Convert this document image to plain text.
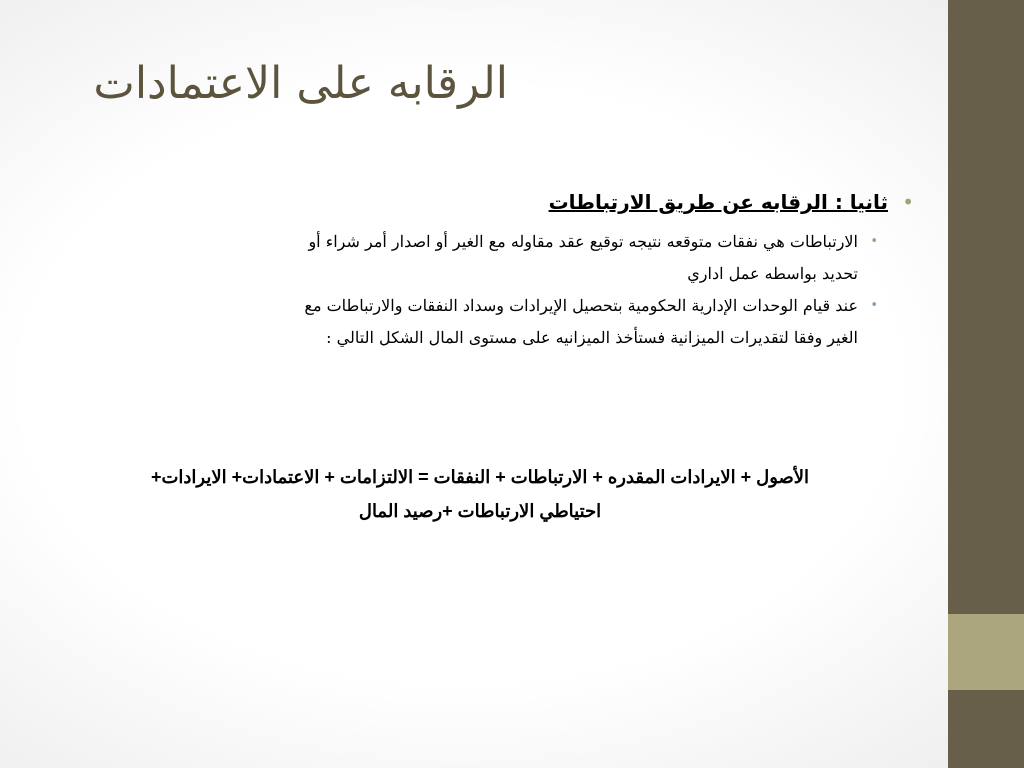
الرقابه على الاعتمادات
• ثانيا : الرقابه عن طريق الارتباطات
•
الارتباطات هي نفقات متوقعه نتيجه توقيع عقد مقاوله مع الغير أو اصدار أمر شراء أو
تحديد بواسطه عمل اداري
•
عند قيام الوحدات الإدارية الحكومية بتحصيل الإيرادات وسداد النفقات والارتباطات مع
الغير وفقا لتقديرات الميزانية فستأخذ الميزانيه على مستوى المال الشكل التالي :
الأصول + الايرادات المقدره + الارتباطات + النفقات = الالتزامات + الاعتمادات+ الايرادات+
احتياطي الارتباطات +رصيد المال
